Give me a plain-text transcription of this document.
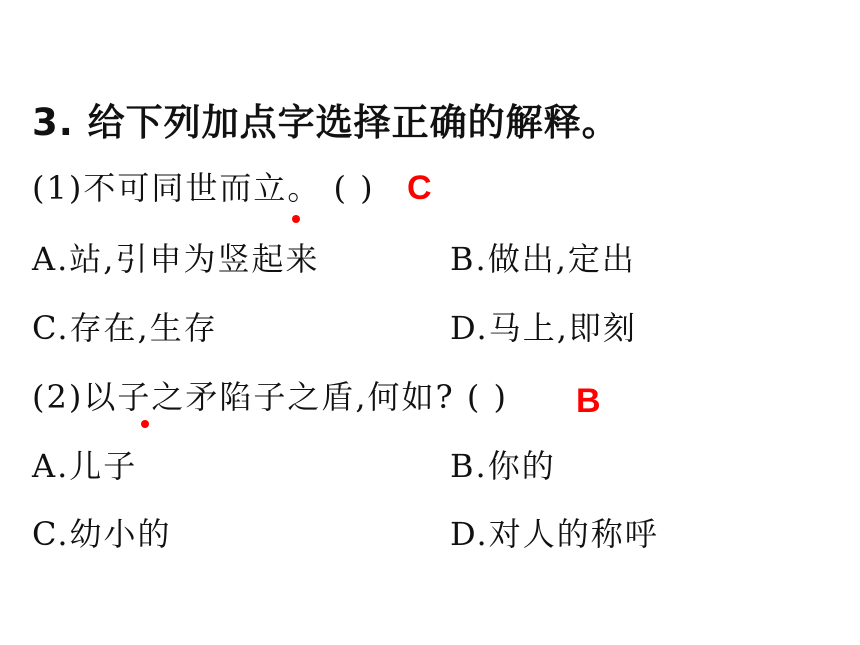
3. 给下列加点字选择正确的解释。
(1)不可同世而立。 ( ) C
A.站,引申为竖起来	B.做出,定出
C.存在,生存	D.马上,即刻
(2)以子之矛陷子之盾,何如? ( ) B
A.儿子	B.你的
C.幼小的	D.对人的称呼
